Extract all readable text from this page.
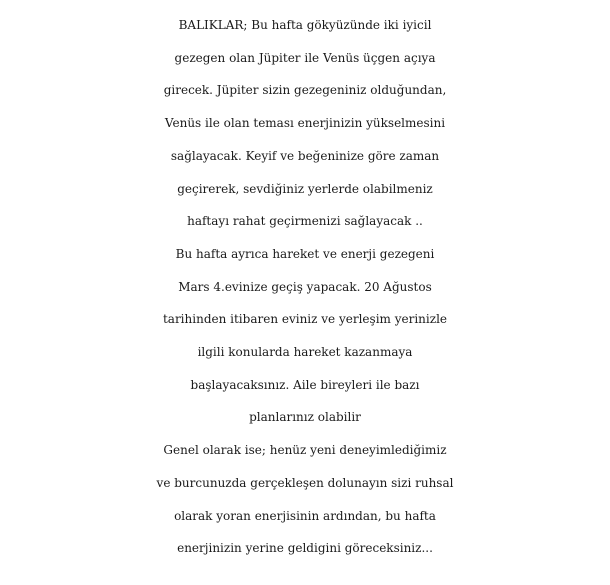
BALIKLAR; Bu hafta gökyüzünde iki iyicil
gezegen olan Jüpiter ile Venüs üçgen açıya
girecek. Jüpiter sizin gezegeniniz olduğundan,
Venüs ile olan teması enerjinizin yükselmesini
sağlayacak. Keyif ve beğeninize göre zaman
geçirerek, sevdiğiniz yerlerde olabilmeniz
haftayı rahat geçirmenizi sağlayacak ..
Bu hafta ayrıca hareket ve enerji gezegeni
Mars 4.evinize geçiş yapacak. 20 Ağustos
tarihinden itibaren eviniz ve yerleşim yerinizle
ilgili konularda hareket kazanmaya
başlayacaksınız. Aile bireyleri ile bazı
planlarınız olabilir
Genel olarak ise; henüz yeni deneyimlediğimiz
ve burcunuzda gerçekleşen dolunayın sizi ruhsal
olarak yoran enerjisinin ardından, bu hafta
enerjinizin yerine geldigini göreceksiniz...
